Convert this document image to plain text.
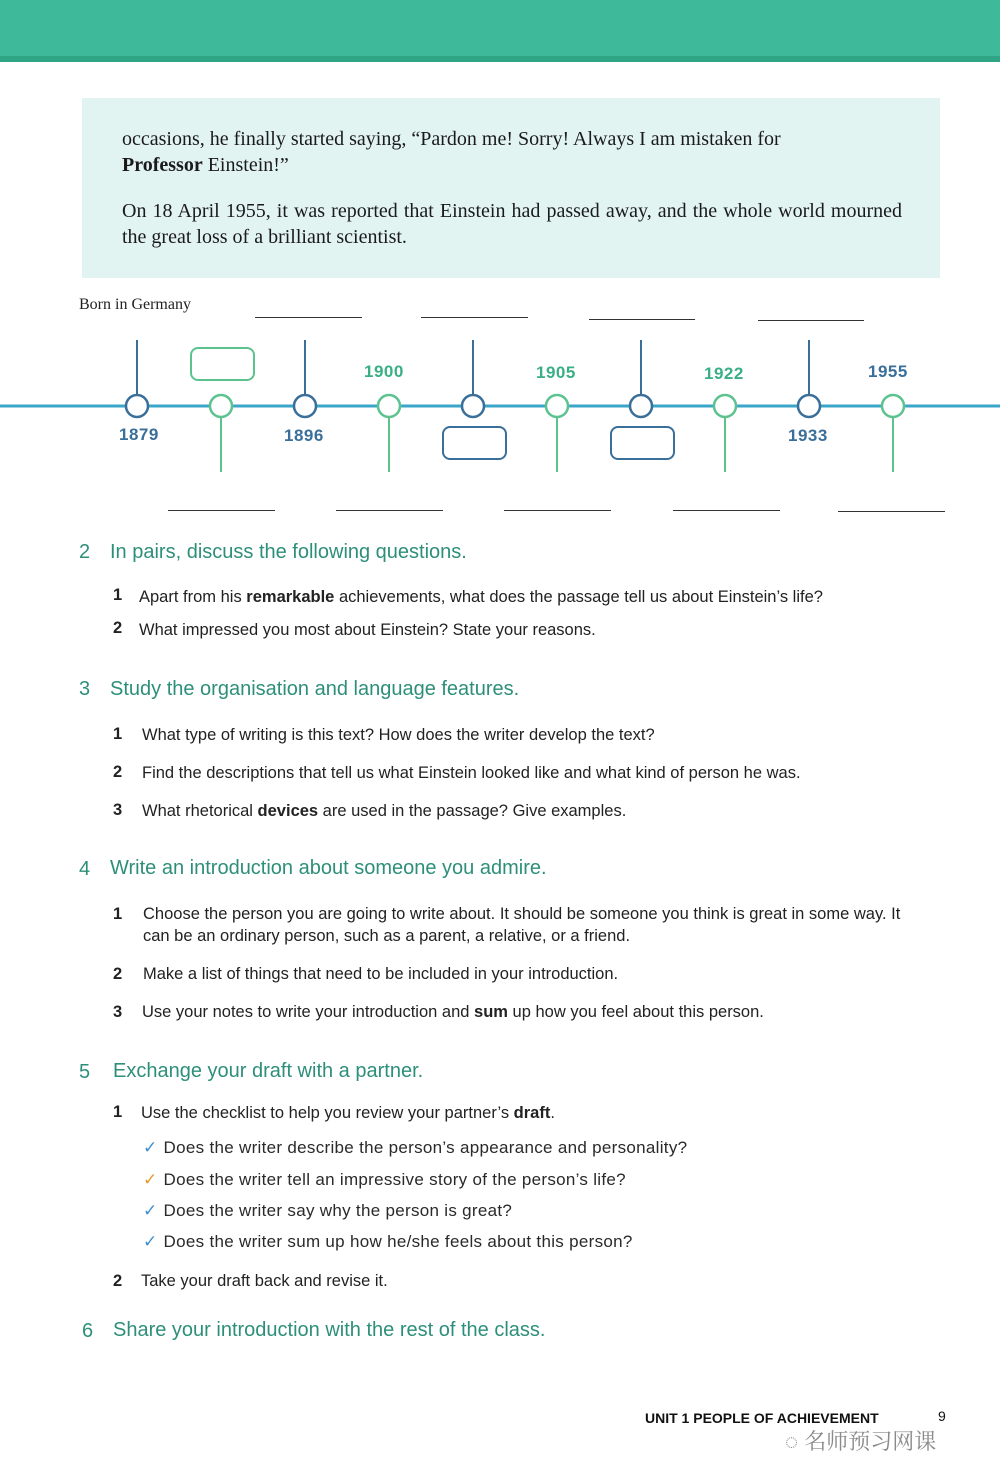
occasions, he finally started saying, “Pardon me! Sorry! Always I am mistaken for
Professor Einstein!”

On 18 April 1955, it was reported that Einstein had passed away, and the whole world mourned the great loss of a brilliant scientist.

Born in Germany
1900	1905	1922	1955
1879	1896	1933
2 In pairs, discuss the following questions.
1 Apart from his remarkable achievements, what does the passage tell us about Einstein’s life?
2 What impressed you most about Einstein? State your reasons.
3 Study the organisation and language features.
1 What type of writing is this text? How does the writer develop the text?
2 Find the descriptions that tell us what Einstein looked like and what kind of person he was.
3 What rhetorical devices are used in the passage? Give examples.
4 Write an introduction about someone you admire.
1 Choose the person you are going to write about. It should be someone you think is great in some way. It can be an ordinary person, such as a parent, a relative, or a friend.
2 Make a list of things that need to be included in your introduction.
3 Use your notes to write your introduction and sum up how you feel about this person.
5 Exchange your draft with a partner.
1 Use the checklist to help you review your partner’s draft.
✓ Does the writer describe the person’s appearance and personality?
✓ Does the writer tell an impressive story of the person’s life?
✓ Does the writer say why the person is great?
✓ Does the writer sum up how he/she feels about this person?
2 Take your draft back and revise it.
6 Share your introduction with the rest of the class.
UNIT 1 PEOPLE OF ACHIEVEMENT	9
◌ 名师预习网课
